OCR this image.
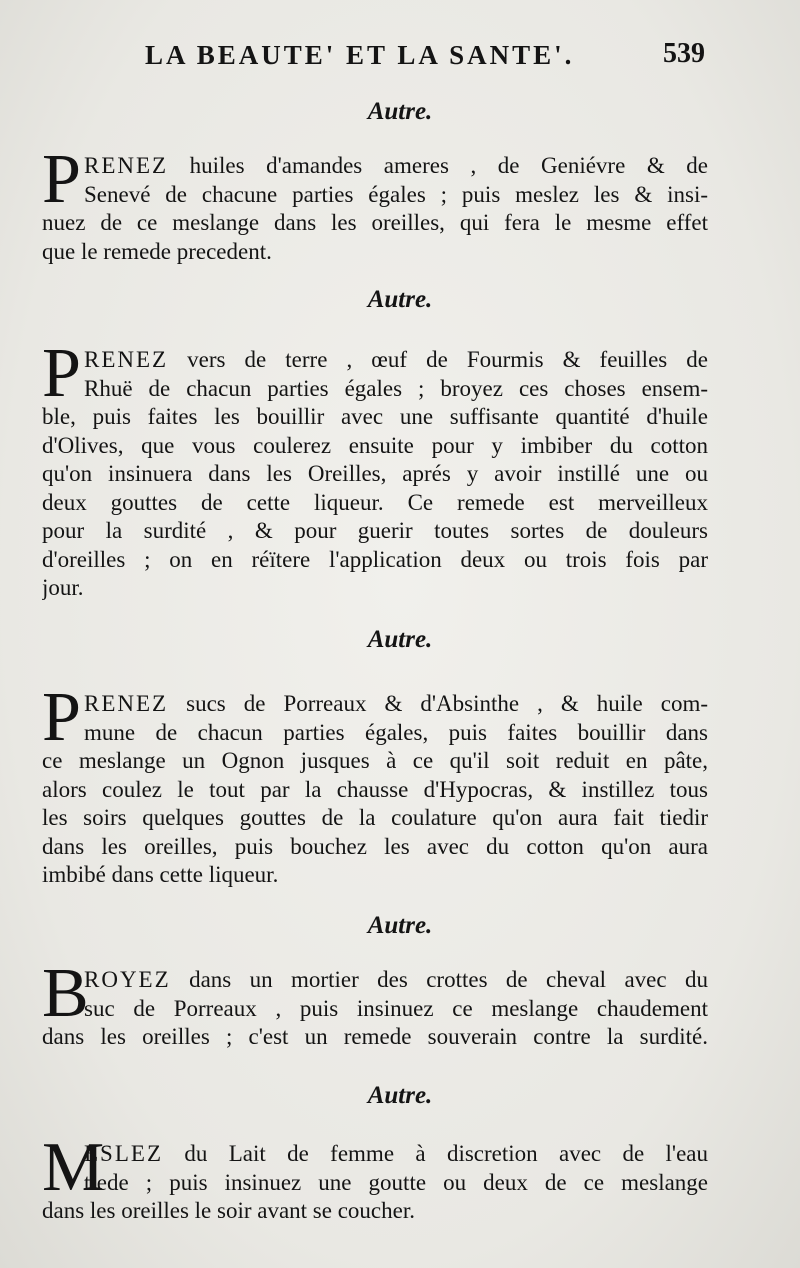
LA BEAUTE' ET LA SANTE'.	539
Autre.
P RENEZ huiles d'amandes ameres , de Geniévre & de
Senevé de chacune parties égales ; puis meslez les & insi-
nuez de ce meslange dans les oreilles, qui fera le mesme effet
que le remede precedent.
Autre.
P RENEZ vers de terre , œuf de Fourmis & feuilles de
Rhuë de chacun parties égales ; broyez ces choses ensem-
ble, puis faites les bouillir avec une suffisante quantité d'huile
d'Olives, que vous coulerez ensuite pour y imbiber du cotton
qu'on insinuera dans les Oreilles, aprés y avoir instillé une ou
deux gouttes de cette liqueur. Ce remede est merveilleux
pour la surdité , & pour guerir toutes sortes de douleurs
d'oreilles ; on en réïtere l'application deux ou trois fois par
jour.
Autre.
P RENEZ sucs de Porreaux & d'Absinthe , & huile com-
mune de chacun parties égales, puis faites bouillir dans
ce meslange un Ognon jusques à ce qu'il soit reduit en pâte,
alors coulez le tout par la chausse d'Hypocras, & instillez tous
les soirs quelques gouttes de la coulature qu'on aura fait tiedir
dans les oreilles, puis bouchez les avec du cotton qu'on aura
imbibé dans cette liqueur.
Autre.
B
ROYEZ dans un mortier des crottes de cheval avec du
suc de Porreaux , puis insinuez ce meslange chaudement
dans les oreilles ; c'est un remede souverain contre la surdité.
Autre.
M
ESLEZ du Lait de femme à discretion avec de l'eau
tiede ; puis insinuez une goutte ou deux de ce meslange
dans les oreilles le soir avant se coucher.
